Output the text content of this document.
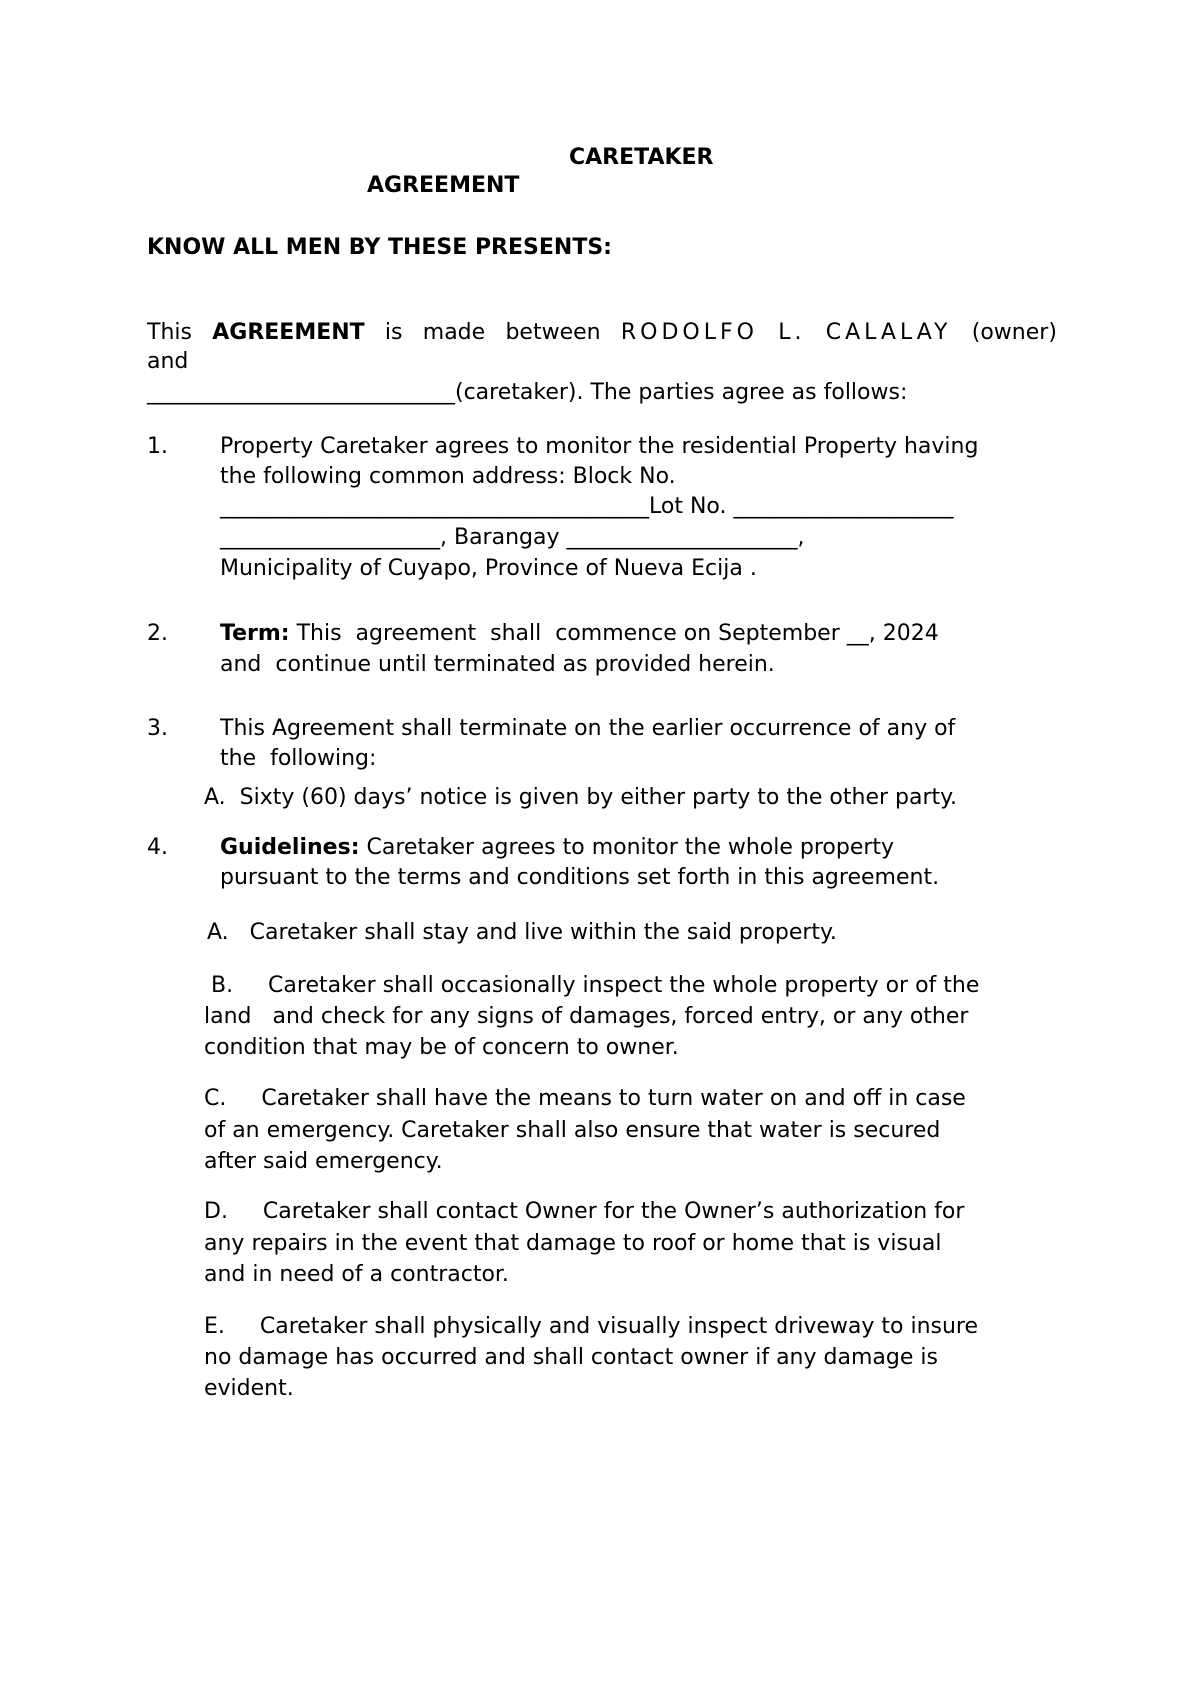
CARETAKER
AGREEMENT
KNOW ALL MEN BY THESE PRESENTS:
This AGREEMENT is made between RODOLFO L. CALALAY (owner)
and
____________________________(caretaker). The parties agree as follows:
1. Property Caretaker agrees to monitor the residential Property having
the following common address: Block No.
_______________________________________Lot No. ____________________
____________________, Barangay _____________________,
Municipality of Cuyapo, Province of Nueva Ecija .
2. Term: This  agreement  shall  commence on September __, 2024
and  continue until terminated as provided herein.
3. This Agreement shall terminate on the earlier occurrence of any of
the  following:
A.  Sixty (60) days’ notice is given by either party to the other party.
4. Guidelines: Caretaker agrees to monitor the whole property
pursuant to the terms and conditions set forth in this agreement.
A.   Caretaker shall stay and live within the said property.
B.     Caretaker shall occasionally inspect the whole property or of the
land   and check for any signs of damages, forced entry, or any other
condition that may be of concern to owner.
C.     Caretaker shall have the means to turn water on and off in case
of an emergency. Caretaker shall also ensure that water is secured
after said emergency.
D.     Caretaker shall contact Owner for the Owner’s authorization for
any repairs in the event that damage to roof or home that is visual
and in need of a contractor.
E.     Caretaker shall physically and visually inspect driveway to insure
no damage has occurred and shall contact owner if any damage is
evident.
